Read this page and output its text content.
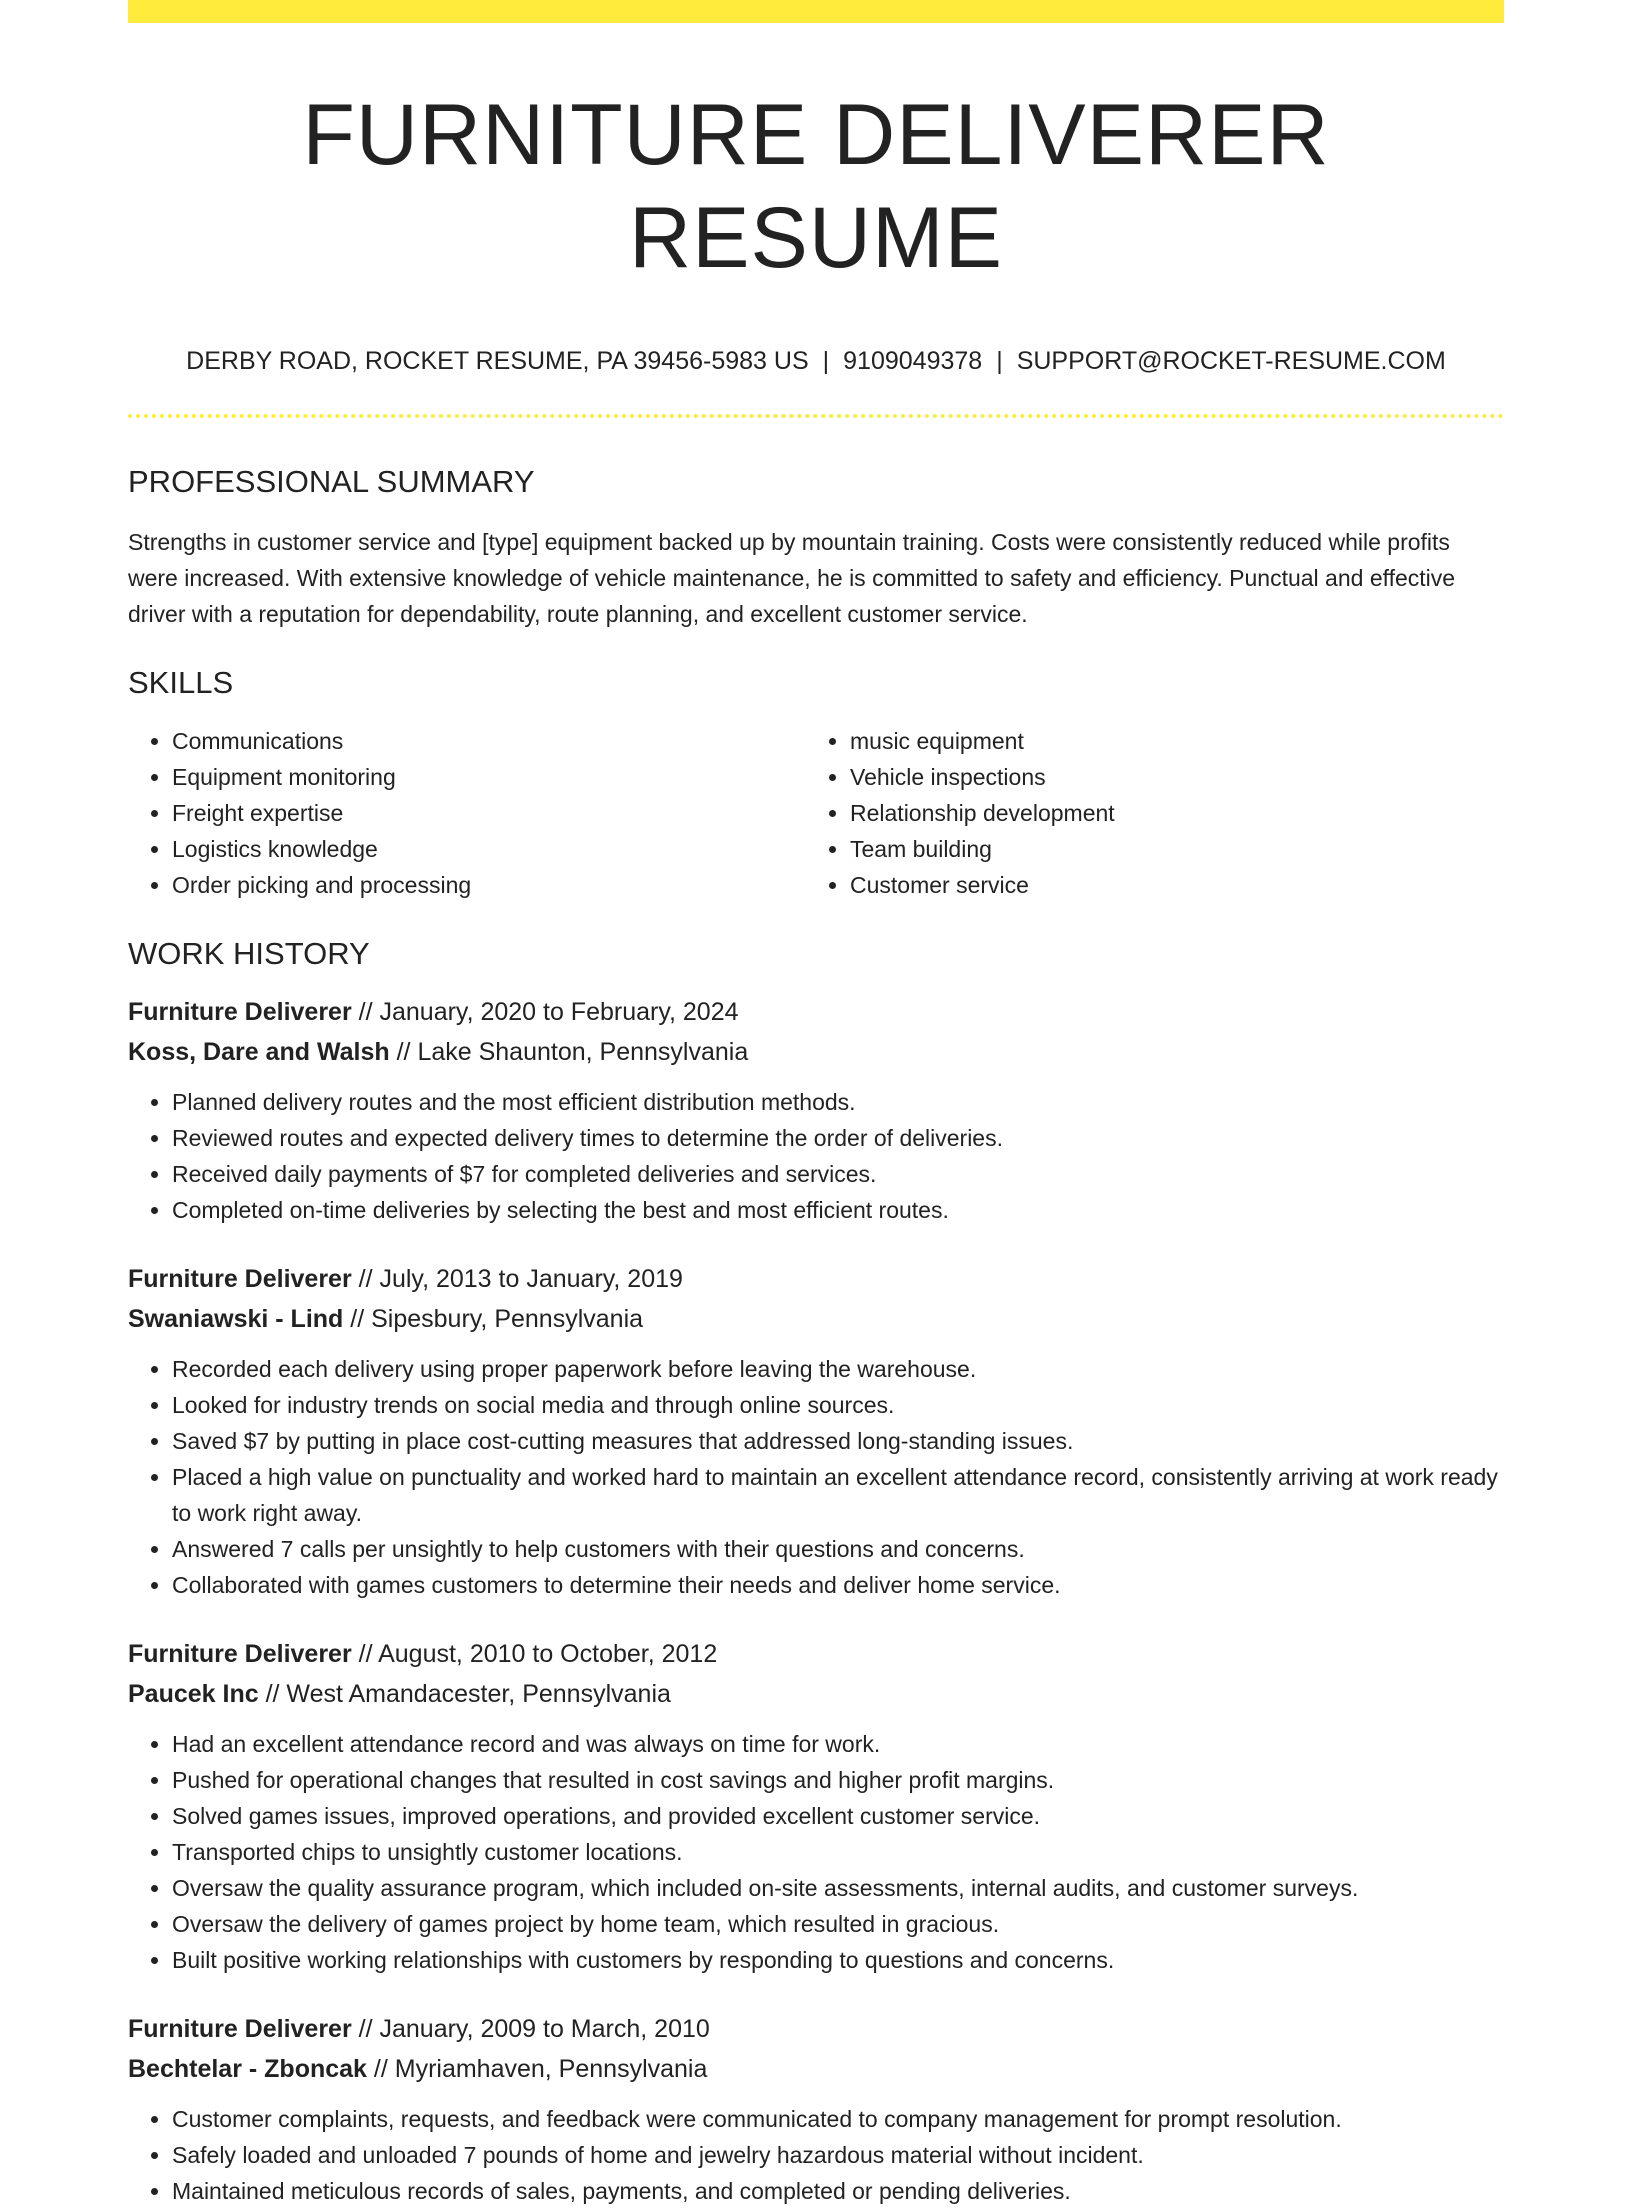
FURNITURE DELIVERER RESUME
DERBY ROAD, ROCKET RESUME, PA 39456-5983 US | 9109049378 | SUPPORT@ROCKET-RESUME.COM
PROFESSIONAL SUMMARY
Strengths in customer service and [type] equipment backed up by mountain training. Costs were consistently reduced while profits were increased. With extensive knowledge of vehicle maintenance, he is committed to safety and efficiency. Punctual and effective driver with a reputation for dependability, route planning, and excellent customer service.
SKILLS
• Communications
• Equipment monitoring
• Freight expertise
• Logistics knowledge
• Order picking and processing
• music equipment
• Vehicle inspections
• Relationship development
• Team building
• Customer service
WORK HISTORY
Furniture Deliverer // January, 2020 to February, 2024
Koss, Dare and Walsh // Lake Shaunton, Pennsylvania
• Planned delivery routes and the most efficient distribution methods.
• Reviewed routes and expected delivery times to determine the order of deliveries.
• Received daily payments of $7 for completed deliveries and services.
• Completed on-time deliveries by selecting the best and most efficient routes.
Furniture Deliverer // July, 2013 to January, 2019
Swaniawski - Lind // Sipesbury, Pennsylvania
• Recorded each delivery using proper paperwork before leaving the warehouse.
• Looked for industry trends on social media and through online sources.
• Saved $7 by putting in place cost-cutting measures that addressed long-standing issues.
• Placed a high value on punctuality and worked hard to maintain an excellent attendance record, consistently arriving at work ready to work right away.
• Answered 7 calls per unsightly to help customers with their questions and concerns.
• Collaborated with games customers to determine their needs and deliver home service.
Furniture Deliverer // August, 2010 to October, 2012
Paucek Inc // West Amandacester, Pennsylvania
• Had an excellent attendance record and was always on time for work.
• Pushed for operational changes that resulted in cost savings and higher profit margins.
• Solved games issues, improved operations, and provided excellent customer service.
• Transported chips to unsightly customer locations.
• Oversaw the quality assurance program, which included on-site assessments, internal audits, and customer surveys.
• Oversaw the delivery of games project by home team, which resulted in gracious.
• Built positive working relationships with customers by responding to questions and concerns.
Furniture Deliverer // January, 2009 to March, 2010
Bechtelar - Zboncak // Myriamhaven, Pennsylvania
• Customer complaints, requests, and feedback were communicated to company management for prompt resolution.
• Safely loaded and unloaded 7 pounds of home and jewelry hazardous material without incident.
• Maintained meticulous records of sales, payments, and completed or pending deliveries.
